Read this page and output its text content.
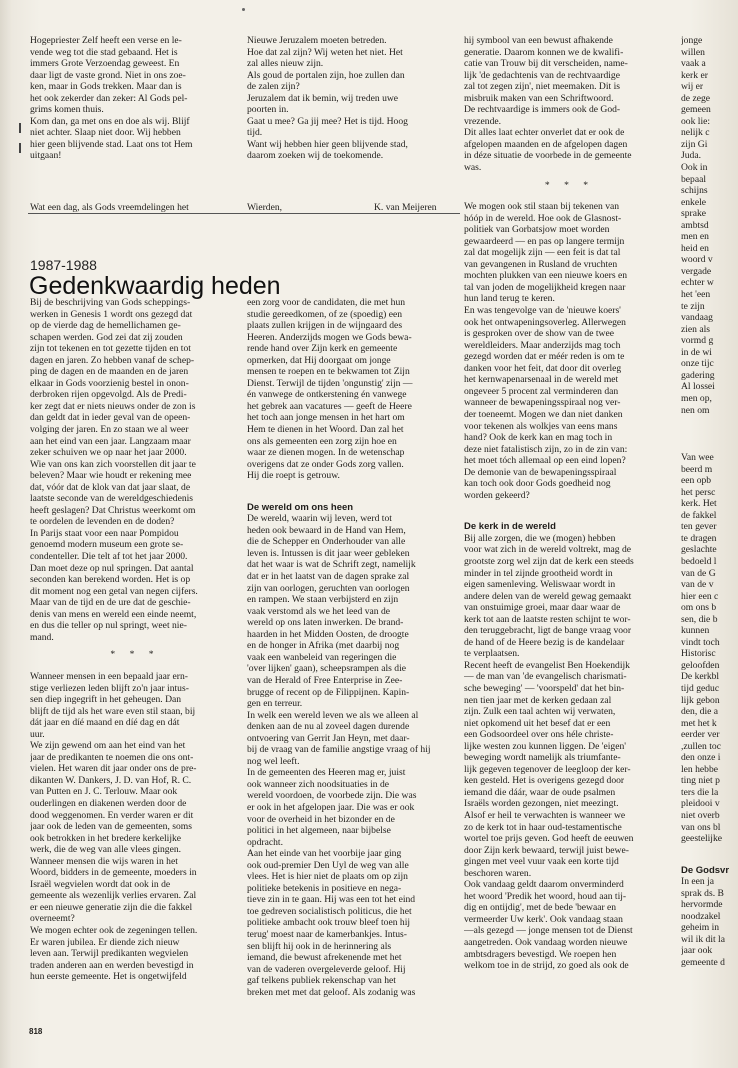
Hogepriester Zelf heeft een verse en le-
vende weg tot die stad gebaand. Het is
immers Grote Verzoendag geweest. En
daar ligt de vaste grond. Niet in ons zoe-
ken, maar in Gods trekken. Maar dan is
het ook zekerder dan zeker: Al Gods pel-
grims komen thuis.
Kom dan, ga met ons en doe als wij. Blijf
niet achter. Slaap niet door. Wij hebben
hier geen blijvende stad. Laat ons tot Hem
uitgaan!
Nieuwe Jeruzalem moeten betreden.
Hoe dat zal zijn? Wij weten het niet. Het
zal alles nieuw zijn.
Als goud de portalen zijn, hoe zullen dan
de zalen zijn?
Jeruzalem dat ik bemin, wij treden uwe
poorten in.
Gaat u mee? Ga jij mee? Het is tijd. Hoog
tijd.
Want wij hebben hier geen blijvende stad,
daarom zoeken wij de toekomende.
Wat een dag, als Gods vreemdelingen het	Wierden,	K. van Meijeren
1987-1988
Gedenkwaardig heden
Bij de beschrijving van Gods scheppings-
werken in Genesis 1 wordt ons gezegd dat
op de vierde dag de hemellichamen ge-
schapen werden. God zei dat zij zouden
zijn tot tekenen en tot gezette tijden en tot
dagen en jaren. Zo hebben vanaf de schep-
ping de dagen en de maanden en de jaren
elkaar in Gods voorzienig bestel in onon-
derbroken rijen opgevolgd. Als de Predi-
ker zegt dat er niets nieuws onder de zon is
dan geldt dat in ieder geval van de opeen-
volging der jaren. En zo staan we al weer
aan het eind van een jaar. Langzaam maar
zeker schuiven we op naar het jaar 2000.
Wie van ons kan zich voorstellen dit jaar te
beleven? Maar wie houdt er rekening mee
dat, vóór dat de klok van dat jaar slaat, de
laatste seconde van de wereldgeschiedenis
heeft geslagen? Dat Christus weerkomt om
te oordelen de levenden en de doden?
In Parijs staat voor een naar Pompidou
genoemd modern museum een grote se-
condenteller. Die telt af tot het jaar 2000.
Dan moet deze op nul springen. Dat aantal
seconden kan berekend worden. Het is op
dit moment nog een getal van negen cijfers.
Maar van de tijd en de ure dat de geschie-
denis van mens en wereld een einde neemt,
en dus die teller op nul springt, weet nie-
mand.
* * *
Wanneer mensen in een bepaald jaar ern-
stige verliezen leden blijft zo'n jaar intus-
sen diep ingegrift in het geheugen. Dan
blijft de tijd als het ware even stil staan, bij
dát jaar en díé maand en díé dag en dát
uur.
We zijn gewend om aan het eind van het
jaar de predikanten te noemen die ons ont-
vielen. Het waren dit jaar onder ons de pre-
dikanten W. Dankers, J. D. van Hof, R. C.
van Putten en J. C. Terlouw. Maar ook
ouderlingen en diakenen werden door de
dood weggenomen. En verder waren er dit
jaar ook de leden van de gemeenten, soms
ook betrokken in het bredere kerkelijke
werk, die de weg van alle vlees gingen.
Wanneer mensen die wijs waren in het
Woord, bidders in de gemeente, moeders in
Israël wegvielen wordt dat ook in de
gemeente als wezenlijk verlies ervaren. Zal
er een nieuwe generatie zijn die die fakkel
overneemt?
We mogen echter ook de zegeningen tellen.
Er waren jubilea. Er diende zich nieuw
leven aan. Terwijl predikanten wegvielen
traden anderen aan en werden bevestigd in
hun eerste gemeente. Het is ongetwijfeld
een zorg voor de candidaten, die met hun
studie gereedkomen, of ze (spoedig) een
plaats zullen krijgen in de wijngaard des
Heeren. Anderzijds mogen we Gods bewa-
rende hand over Zijn kerk en gemeente
opmerken, dat Hij doorgaat om jonge
mensen te roepen en te bekwamen tot Zijn
Dienst. Terwijl de tijden 'ongunstig' zijn —
én vanwege de ontkerstening én vanwege
het gebrek aan vacatures — geeft de Heere
het toch aan jonge mensen in het hart om
Hem te dienen in het Woord. Dan zal het
ons als gemeenten een zorg zijn hoe en
waar ze dienen mogen. In de wetenschap
overigens dat ze onder Gods zorg vallen.
Hij die roept is getrouw.
De wereld om ons heen
De wereld, waarin wij leven, werd tot
heden ook bewaard in de Hand van Hem,
die de Schepper en Onderhouder van alle
leven is. Intussen is dit jaar weer gebleken
dat het waar is wat de Schrift zegt, namelijk
dat er in het laatst van de dagen sprake zal
zijn van oorlogen, geruchten van oorlogen
en rampen. We staan verbijsterd en zijn
vaak verstomd als we het leed van de
wereld op ons laten inwerken. De brand-
haarden in het Midden Oosten, de droogte
en de honger in Afrika (met daarbij nog
vaak een wanbeleid van regeringen die
'over lijken' gaan), scheepsrampen als die
van de Herald of Free Enterprise in Zee-
brugge of recent op de Filippijnen. Kapin-
gen en terreur.
In welk een wereld leven we als we alleen al
denken aan de nu al zoveel dagen durende
ontvoering van Gerrit Jan Heyn, met daar-
bij de vraag van de familie angstige vraag of hij
nog wel leeft.
In de gemeenten des Heeren mag er, juist
ook wanneer zich noodsituaties in de
wereld voordoen, de voorbede zijn. Die was
er ook in het afgelopen jaar. Die was er ook
voor de overheid in het bizonder en de
politici in het algemeen, naar bijbelse
opdracht.
Aan het einde van het voorbije jaar ging
ook oud-premier Den Uyl de weg van alle
vlees. Het is hier niet de plaats om op zijn
politieke betekenis in positieve en nega-
tieve zin in te gaan. Hij was een tot het eind
toe gedreven socialistisch politicus, die het
politieke ambacht ook trouw bleef toen hij
terug' moest naar de kamerbankjes. Intus-
sen blijft hij ook in de herinnering als
iemand, die bewust afrekenende met het
van de vaderen overgeleverde geloof. Hij
gaf telkens publiek rekenschap van het
breken met met dat geloof. Als zodanig was
hij symbool van een bewust afhakende
generatie. Daarom konnen we de kwalifi-
catie van Trouw bij dit verscheiden, name-
lijk 'de gedachtenis van de rechtvaardige
zal tot zegen zijn', niet meemaken. Dit is
misbruik maken van een Schriftwoord.
De rechtvaardige is immers ook de God-
vrezende.
Dit alles laat echter onverlet dat er ook de
afgelopen maanden en de afgelopen dagen
in déze situatie de voorbede in de gemeente
was.
* * *
We mogen ook stil staan bij tekenen van
hóóp in de wereld. Hoe ook de Glasnost-
politiek van Gorbatsjow moet worden
gewaardeerd — en pas op langere termijn
zal dat mogelijk zijn — een feit is dat tal
van gevangenen in Rusland de vruchten
mochten plukken van een nieuwe koers en
tal van joden de mogelijkheid kregen naar
hun land terug te keren.
En was tengevolge van de 'nieuwe koers'
ook het ontwapeningsoverleg. Allerwegen
is gesproken over de show van de twee
wereldleiders. Maar anderzijds mag toch
gezegd worden dat er méér reden is om te
danken voor het feit, dat door dit overleg
het kernwapenarsenaal in de wereld met
ongeveer 5 procent zal verminderen dan
wanneer de bewapeningsspiraal nog ver-
der toeneemt. Mogen we dan niet danken
voor tekenen als wolkjes van eens mans
hand? Ook de kerk kan en mag toch in
deze niet fatalistisch zijn, zo in de zin van:
het moet tóch allemaal op een eind lopen?
De demonie van de bewapeningsspiraal
kan toch ook door Gods goedheid nog
worden gekeerd?
De kerk in de wereld
Bij alle zorgen, die we (mogen) hebben
voor wat zich in de wereld voltrekt, mag de
grootste zorg wel zijn dat de kerk een steeds
minder in tel zijnde grootheid wordt in
eigen samenleving. Weliswaar wordt in
andere delen van de wereld gewag gemaakt
van onstuimige groei, maar daar waar de
kerk tot aan de laatste resten schijnt te wor-
den teruggebracht, ligt de bange vraag voor
de hand of de Heere bezig is de kandelaar
te verplaatsen.
Recent heeft de evangelist Ben Hoekendijk
— de man van 'de evangelisch charismati-
sche beweging' — 'voorspeld' dat het bin-
nen tien jaar met de kerken gedaan zal
zijn. Zulk een taal achten wij verwaten,
niet opkomend uit het besef dat er een
een Godsoordeel over ons héle christe-
lijke westen zou kunnen liggen. De 'eigen'
beweging wordt namelijk als triumfante-
lijk gegeven tegenover de leegloop der ker-
ken gesteld. Het is overigens gezegd door
iemand die dáár, waar de oude psalmen
Israëls worden gezongen, niet meezingt.
Alsof er heil te verwachten is wanneer we
zo de kerk tot in haar oud-testamentische
wortel toe prijs geven. God heeft de eeuwen
door Zijn kerk bewaard, terwijl juist bewe-
gingen met veel vuur vaak een korte tijd
beschoren waren.
Ook vandaag geldt daarom onverminderd
het woord 'Predik het woord, houd aan tij-
dig en ontijdig', met de bede 'bewaar en
vermeerder Uw kerk'. Ook vandaag staan
—als gezegd — jonge mensen tot de Dienst
aangetreden. Ook vandaag worden nieuwe
ambtsdragers bevestigd. We roepen hen
welkom toe in de strijd, zo goed als ook de
jonge
willen
vaak a
kerk er
wij er
de zege
gemeen
ook lie:
nelijk c
zijn Gi
Juda.
Ook in
bepaal
schijns
enkele
sprake
ambtsd
men en
heid en
woord v
vergade
echter w
het 'een
te zijn
vandaag
zien als
vormd g
in de wi
onze tijc
gadering
Al lossei
men op,
nen om
Van wee
beerd m
een opb
het persc
kerk. Het
de fakkel
ten gever
te dragen
geslachte
bedoeld l
van de G
van de v
hier een c
om ons b
sen, die b
kunnen
vindt toch
Historisc
geloofden
De kerkbl
tijd geduc
lijk gebon
den, die a
met het k
eerder ver
,zullen toc
den onze i
len hebbe
ting niet p
ters die la
pleidooi v
niet overb
van ons bl
geestelijke
De Godsvr
In een ja
sprak ds. B
hervormde
noodzakel
geheim in
wil ik dit la
jaar ook
gemeente d
818
